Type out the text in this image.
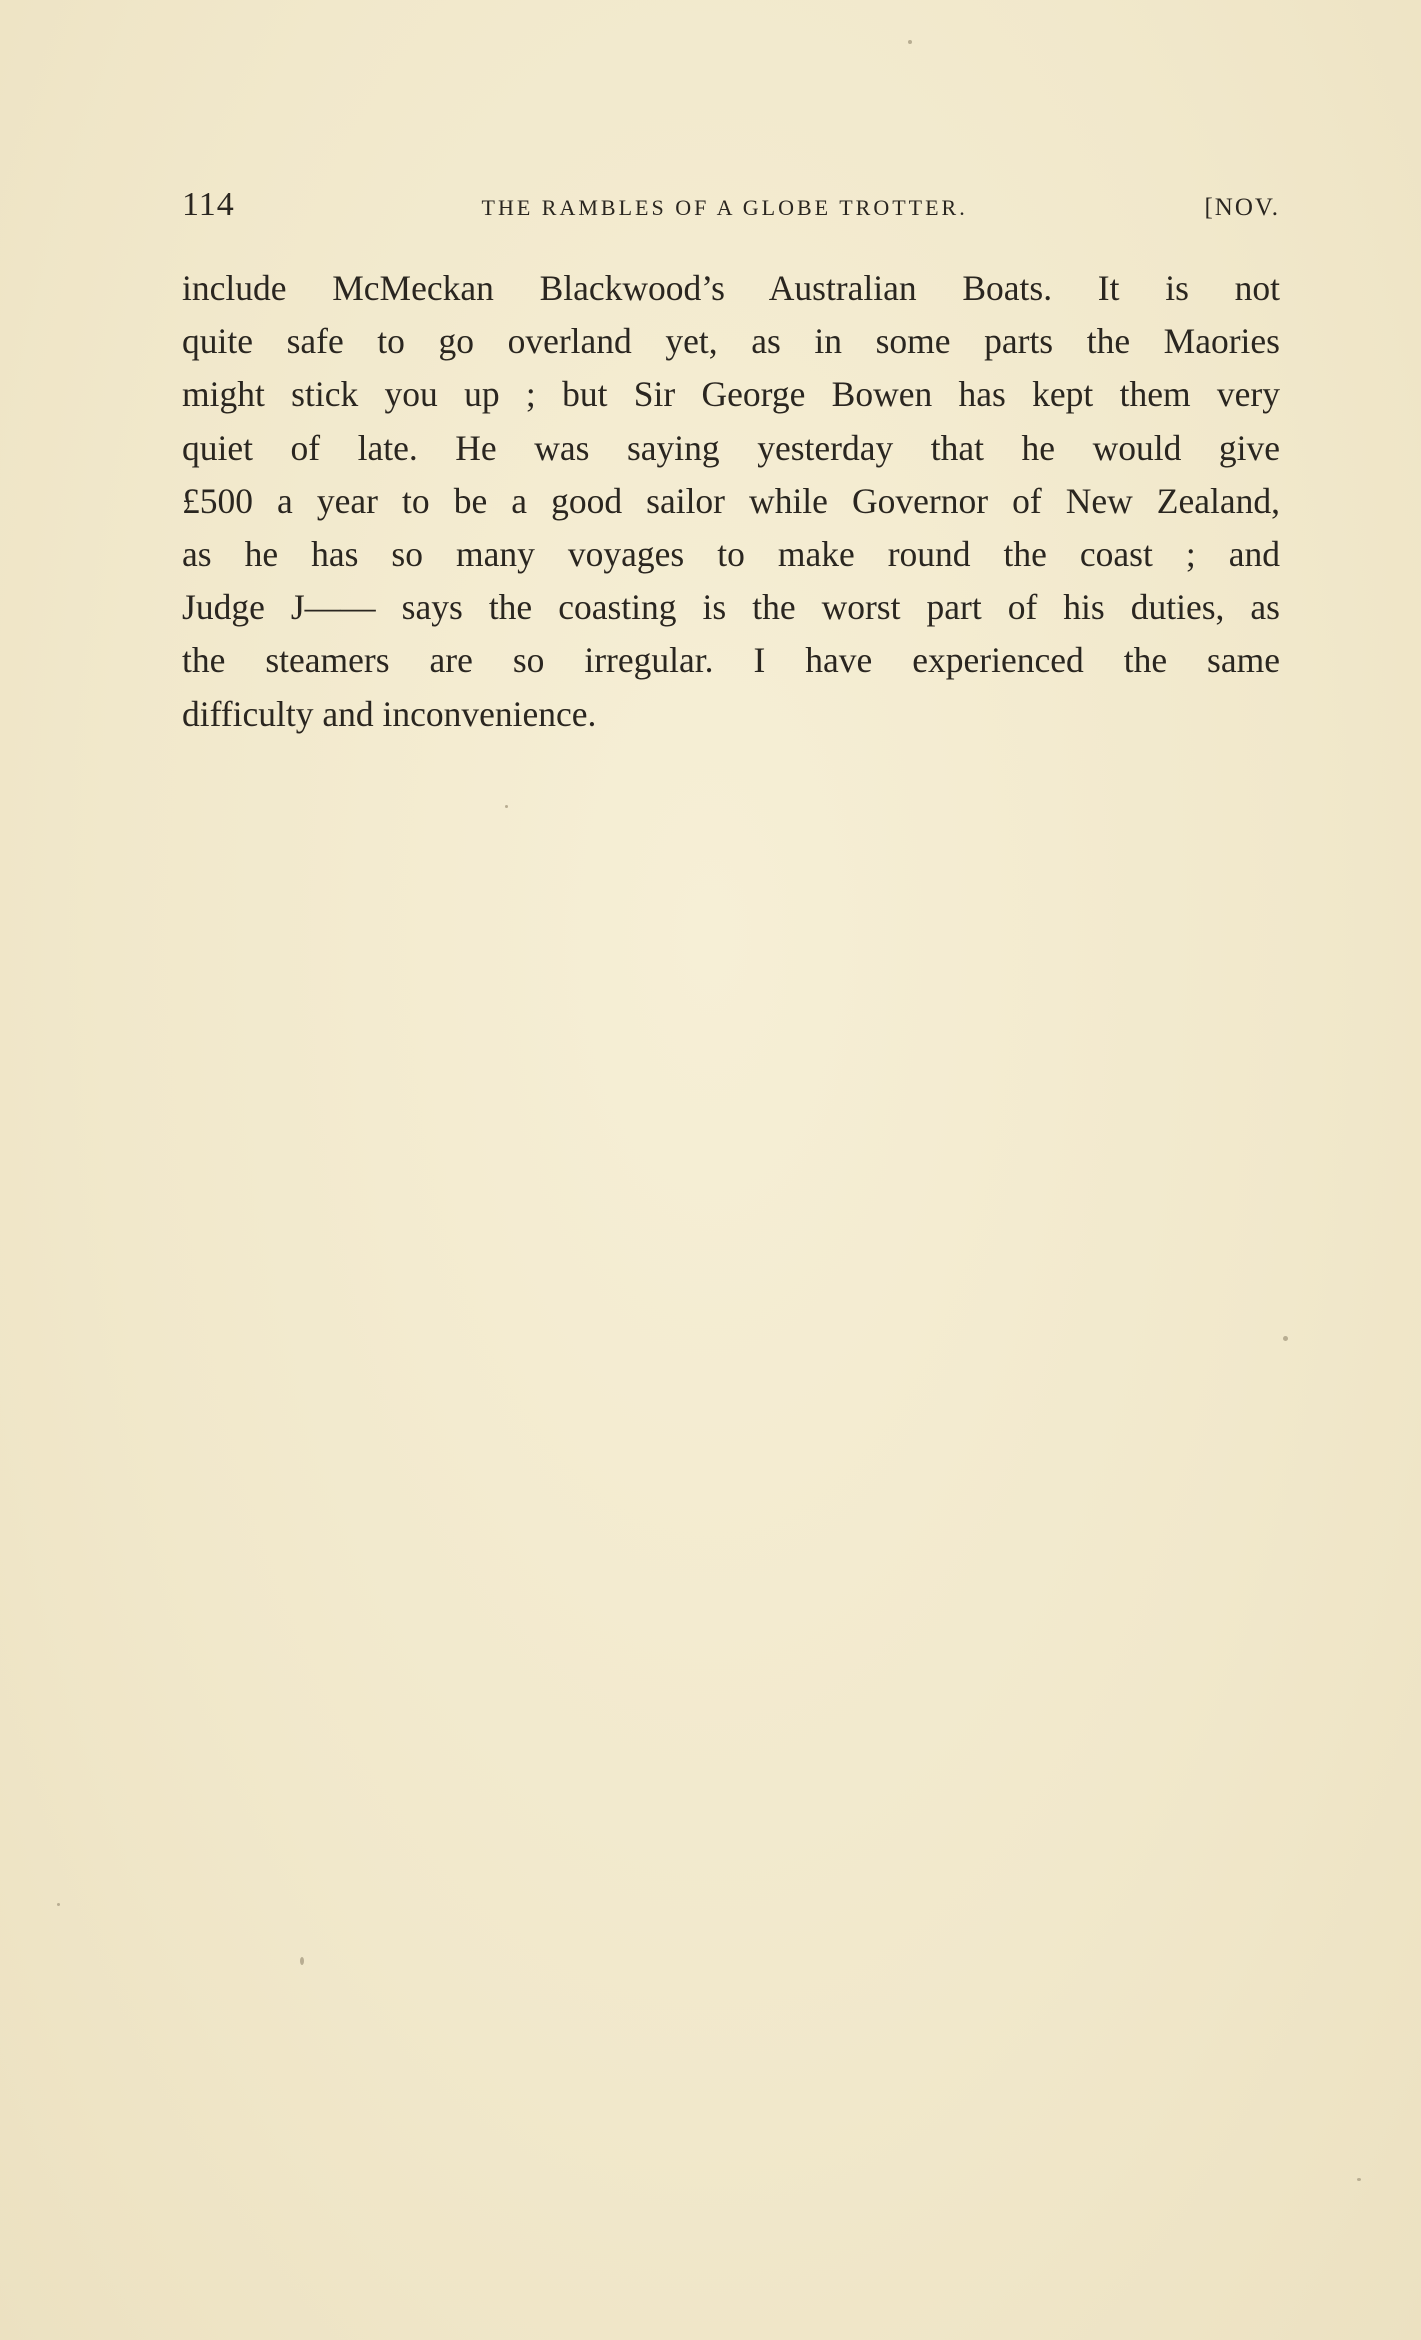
114	THE RAMBLES OF A GLOBE TROTTER.	[NOV.
include McMeckan Blackwood’s Australian Boats. It is not
quite safe to go overland yet, as in some parts the Maories
might stick you up ; but Sir George Bowen has kept them very
quiet of late. He was saying yesterday that he would give
£500 a year to be a good sailor while Governor of New Zealand,
as he has so many voyages to make round the coast ; and
Judge J—— says the coasting is the worst part of his duties, as
the steamers are so irregular. I have experienced the same
difficulty and inconvenience.
